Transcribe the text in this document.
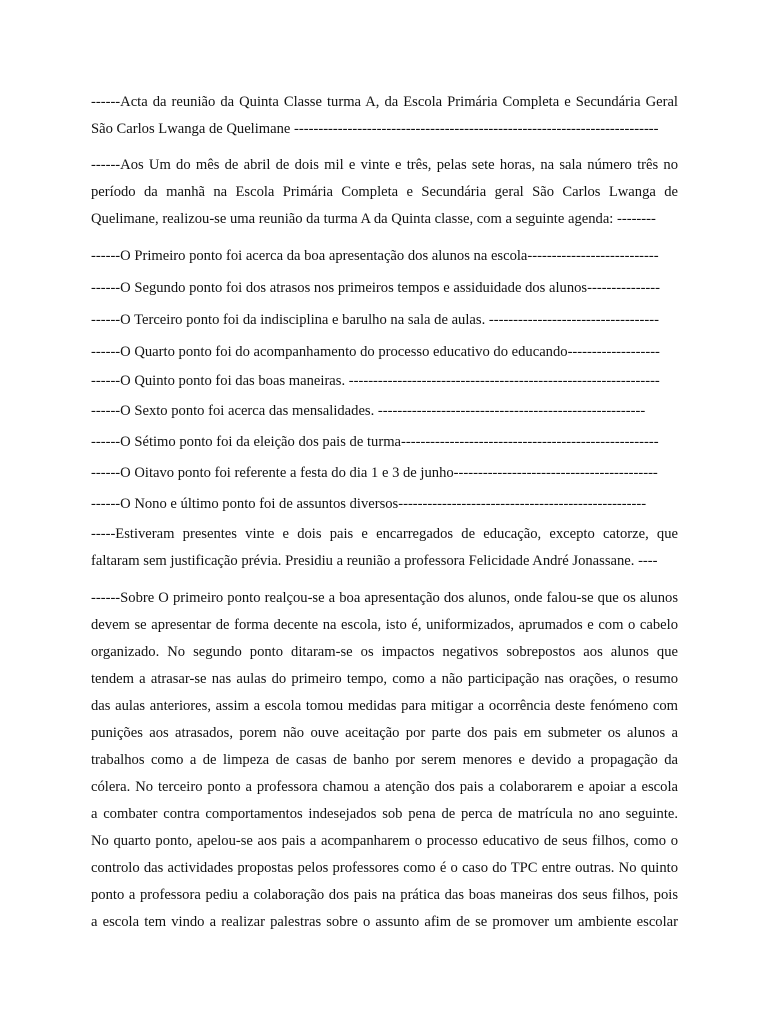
------Acta da reunião da Quinta Classe turma A, da Escola Primária Completa e Secundária Geral
São Carlos Lwanga de Quelimane ---------------------------------------------------------------------------
------Aos Um do mês de abril de dois mil e vinte e três, pelas sete horas, na sala número três no
período da manhã na Escola Primária Completa e Secundária geral São Carlos Lwanga de
Quelimane, realizou-se uma reunião da turma A da Quinta classe, com a seguinte agenda: --------
------O Primeiro ponto foi acerca da boa apresentação dos alunos na escola---------------------------
------O Segundo ponto foi dos atrasos nos primeiros tempos e assiduidade dos alunos---------------
------O Terceiro ponto foi da indisciplina e barulho na sala de aulas. -----------------------------------
------O Quarto ponto foi do acompanhamento do processo educativo do educando-------------------
------O Quinto ponto foi das boas maneiras. ----------------------------------------------------------------
------O Sexto ponto foi acerca das mensalidades. -------------------------------------------------------
------O Sétimo ponto foi da eleição dos pais de turma-----------------------------------------------------
------O Oitavo ponto foi referente a festa do dia 1 e 3 de junho------------------------------------------
------O Nono e último ponto foi de assuntos diversos---------------------------------------------------
-----Estiveram presentes vinte e dois pais e encarregados de educação, excepto catorze, que
faltaram sem justificação prévia. Presidiu a reunião a professora Felicidade André Jonassane. ----
------Sobre O primeiro ponto realçou-se a boa apresentação dos alunos, onde falou-se que os alunos
devem se apresentar de forma decente na escola, isto é, uniformizados, aprumados e com o cabelo
organizado. No segundo ponto ditaram-se os impactos negativos sobrepostos aos alunos que
tendem a atrasar-se nas aulas do primeiro tempo, como a não participação nas orações, o resumo
das aulas anteriores, assim a escola tomou medidas para mitigar a ocorrência deste fenómeno com
punições aos atrasados, porem não ouve aceitação por parte dos pais em submeter os alunos a
trabalhos como a de limpeza de casas de banho por serem menores e devido a propagação da
cólera. No terceiro ponto a professora chamou a atenção dos pais a colaborarem e apoiar a escola
a combater contra comportamentos indesejados sob pena de perca de matrícula no ano seguinte.
No quarto ponto, apelou-se aos pais a acompanharem o processo educativo de seus filhos, como o
controlo das actividades propostas pelos professores como é o caso do TPC entre outras. No quinto
ponto a professora pediu a colaboração dos pais na prática das boas maneiras dos seus filhos, pois
a escola tem vindo a realizar palestras sobre o assunto afim de se promover um ambiente escolar
